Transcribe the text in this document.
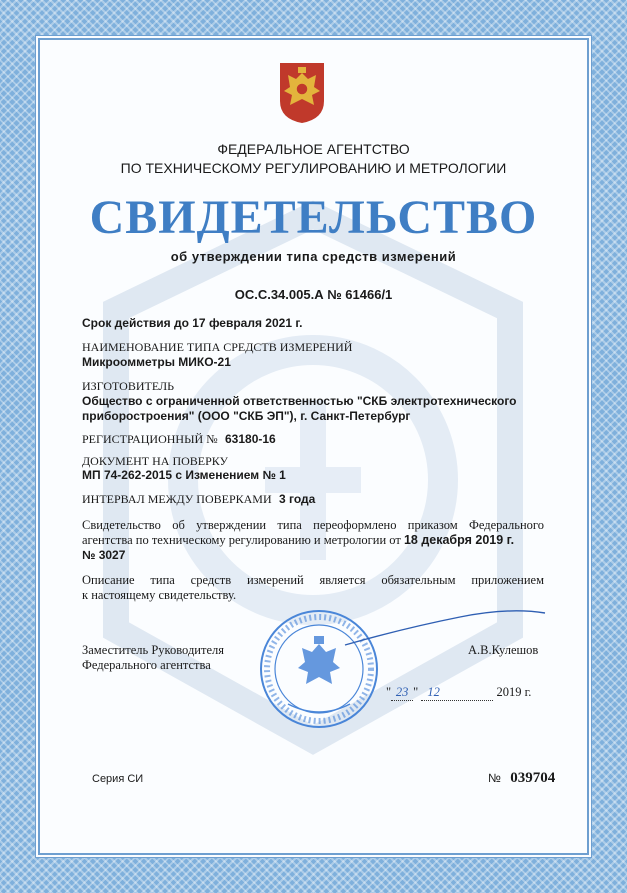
ФЕДЕРАЛЬНОЕ АГЕНТСТВО
ПО ТЕХНИЧЕСКОМУ РЕГУЛИРОВАНИЮ И МЕТРОЛОГИИ
СВИДЕТЕЛЬСТВО
об утверждении типа средств измерений
ОС.С.34.005.А № 61466/1
Срок действия до 17 февраля 2021 г.
НАИМЕНОВАНИЕ ТИПА СРЕДСТВ ИЗМЕРЕНИЙ
Микроомметры МИКО-21
ИЗГОТОВИТЕЛЬ
Общество с ограниченной ответственностью "СКБ электротехнического
приборостроения" (ООО "СКБ ЭП"), г. Санкт-Петербург
РЕГИСТРАЦИОННЫЙ № 63180-16
ДОКУМЕНТ НА ПОВЕРКУ
МП 74-262-2015 с Изменением № 1
ИНТЕРВАЛ МЕЖДУ ПОВЕРКАМИ 3 года
Свидетельство об утверждении типа переоформлено приказом Федерального
агентства по техническому регулированию и метрологии от 18 декабря 2019 г.
№ 3027
Описание типа средств измерений является обязательным приложением
к настоящему свидетельству.
Заместитель Руководителя
Федерального агентства
А.В.Кулешов
" 23 " 12	2019 г.
Серия СИ	№ 039704
